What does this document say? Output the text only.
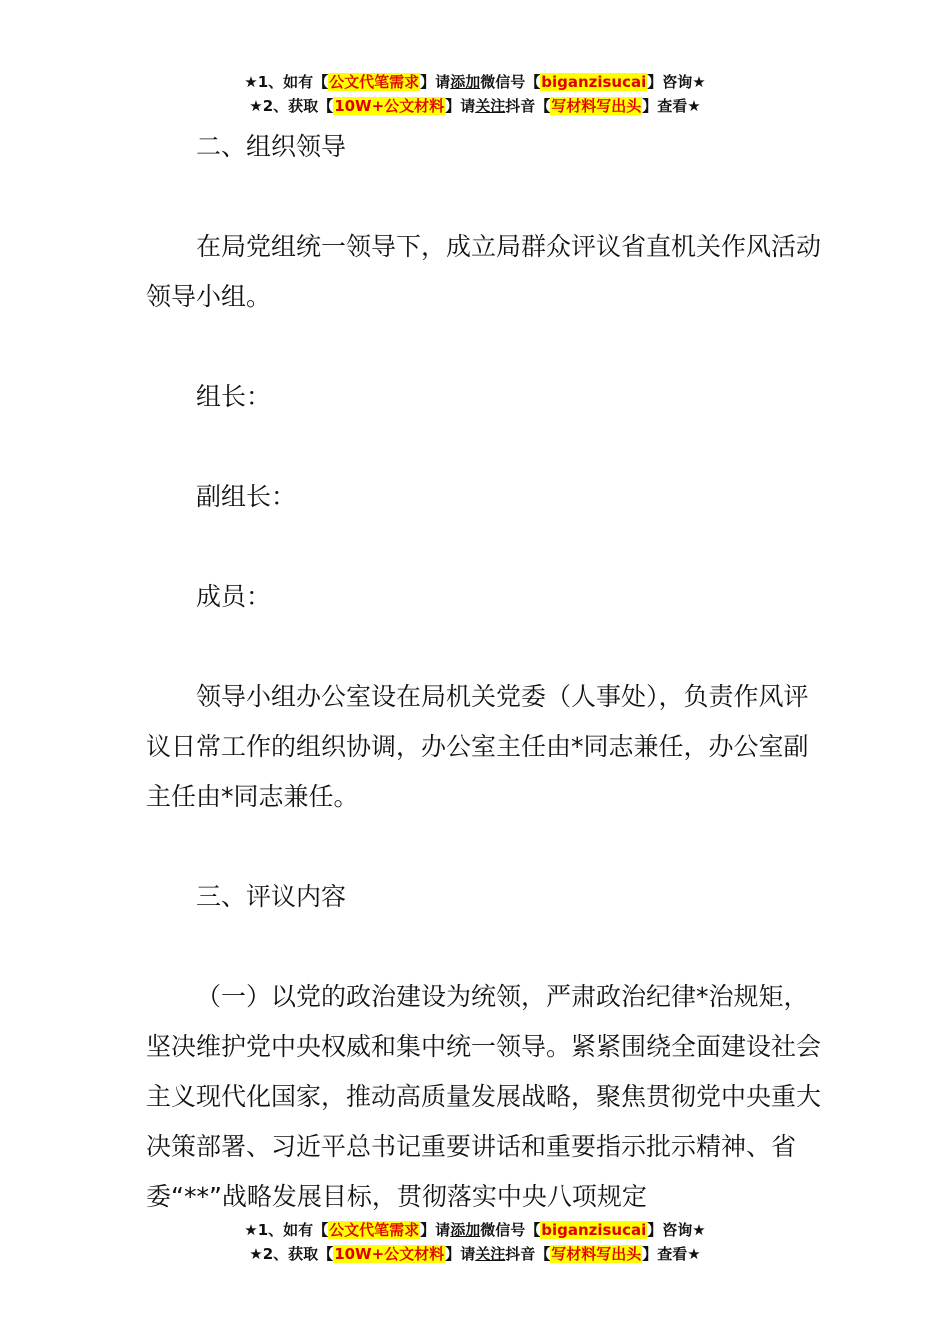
★1、如有【公文代笔需求】请添加微信号【biganzisucai】咨询★
★2、获取【10W+公文材料】请关注抖音【写材料写出头】查看★

二、组织领导

在局党组统一领导下，成立局群众评议省直机关作风活动领导小组。

组长：

副组长：

成员：

领导小组办公室设在局机关党委（人事处），负责作风评议日常工作的组织协调，办公室主任由*同志兼任，办公室副主任由*同志兼任。

三、评议内容

（一）以党的政治建设为统领，严肃政治纪律*治规矩，坚决维护党中央权威和集中统一领导。紧紧围绕全面建设社会主义现代化国家，推动高质量发展战略，聚焦贯彻党中央重大决策部署、习近平总书记重要讲话和重要指示批示精神、省委“**”战略发展目标，贯彻落实中央八项规定

★1、如有【公文代笔需求】请添加微信号【biganzisucai】咨询★
★2、获取【10W+公文材料】请关注抖音【写材料写出头】查看★
